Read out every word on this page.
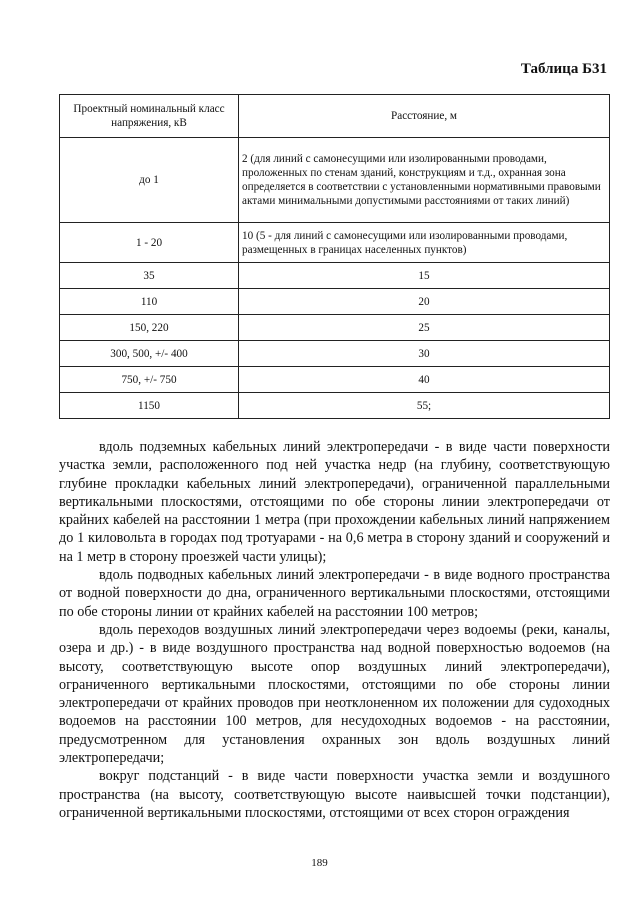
Таблица Б31
Проектный номинальный класс напряжения, кВ	Расстояние, м
до 1	2 (для линий с самонесущими или изолированными проводами, проложенных по стенам зданий, конструкциям и т.д., охранная зона определяется в соответствии с установленными нормативными правовыми актами минимальными допустимыми расстояниями от таких линий)
1 - 20	10 (5 - для линий с самонесущими или изолированными проводами, размещенных в границах населенных пунктов)
35	15
110	20
150, 220	25
300, 500, +/- 400	30
750, +/- 750	40
1150	55;

вдоль подземных кабельных линий электропередачи - в виде части поверхности участка земли, расположенного под ней участка недр (на глубину, соответствующую глубине прокладки кабельных линий электропередачи), ограниченной параллельными вертикальными плоскостями, отстоящими по обе стороны линии электропередачи от крайних кабелей на расстоянии 1 метра (при прохождении кабельных линий напряжением до 1 киловольта в городах под тротуарами - на 0,6 метра в сторону зданий и сооружений и на 1 метр в сторону проезжей части улицы);

вдоль подводных кабельных линий электропередачи - в виде водного пространства от водной поверхности до дна, ограниченного вертикальными плоскостями, отстоящими по обе стороны линии от крайних кабелей на расстоянии 100 метров;

вдоль переходов воздушных линий электропередачи через водоемы (реки, каналы, озера и др.) - в виде воздушного пространства над водной поверхностью водоемов (на высоту, соответствующую высоте опор воздушных линий электропередачи), ограниченного вертикальными плоскостями, отстоящими по обе стороны линии электропередачи от крайних проводов при неотклоненном их положении для судоходных водоемов на расстоянии 100 метров, для несудоходных водоемов - на расстоянии, предусмотренном для установления охранных зон вдоль воздушных линий электропередачи;

вокруг подстанций - в виде части поверхности участка земли и воздушного пространства (на высоту, соответствующую высоте наивысшей точки подстанции), ограниченной вертикальными плоскостями, отстоящими от всех сторон ограждения

189
